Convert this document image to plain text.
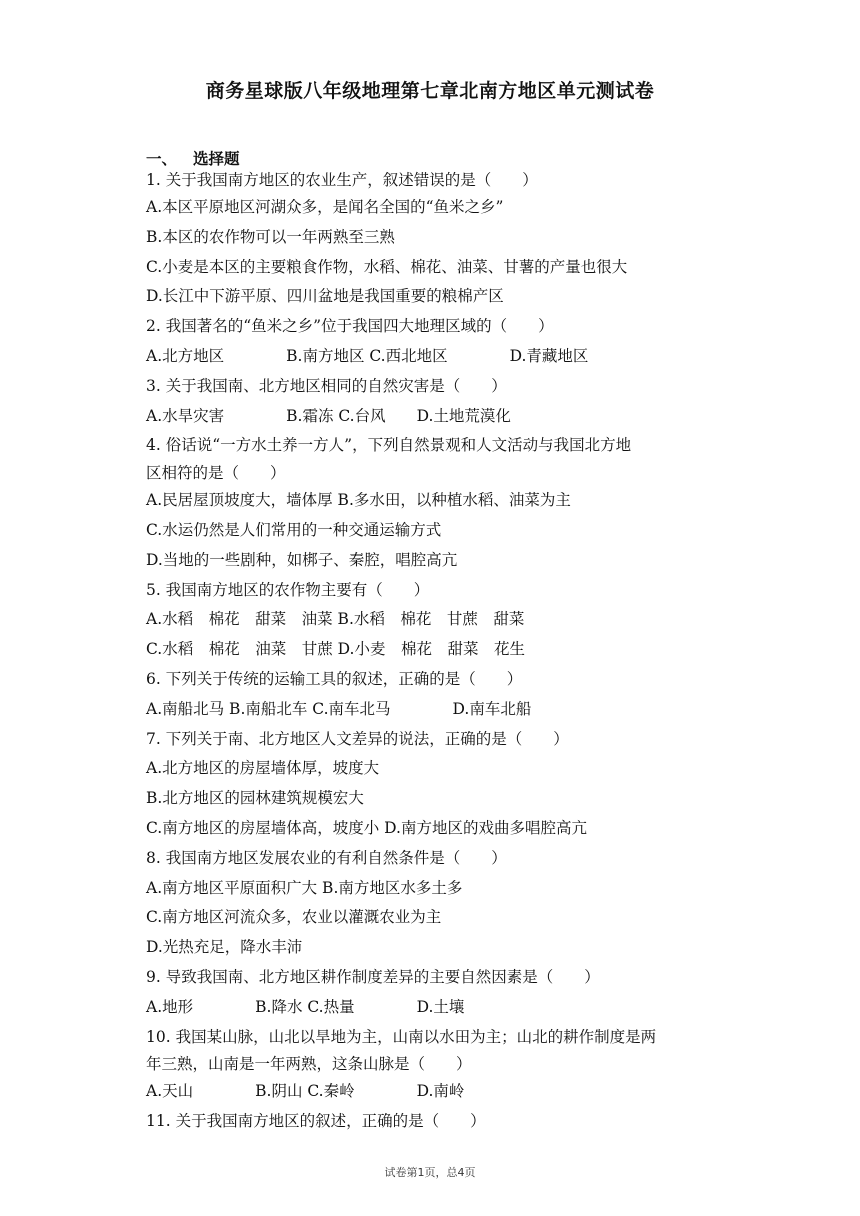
商务星球版八年级地理第七章北南方地区单元测试卷
一、 选择题
1. 关于我国南方地区的农业生产，叙述错误的是（　　）
A.本区平原地区河湖众多，是闻名全国的“鱼米之乡”
B.本区的农作物可以一年两熟至三熟
C.小麦是本区的主要粮食作物，水稻、棉花、油菜、甘薯的产量也很大
D.长江中下游平原、四川盆地是我国重要的粮棉产区
2. 我国著名的“鱼米之乡”位于我国四大地理区域的（　　）
A.北方地区　　　　B.南方地区 C.西北地区　　　　D.青藏地区
3. 关于我国南、北方地区相同的自然灾害是（　　）
A.水旱灾害　　　　B.霜冻 C.台风　　D.土地荒漠化
4. 俗话说“一方水土养一方人”，下列自然景观和人文活动与我国北方地
区相符的是（　　）
A.民居屋顶坡度大，墙体厚 B.多水田，以种植水稻、油菜为主
C.水运仍然是人们常用的一种交通运输方式
D.当地的一些剧种，如梆子、秦腔，唱腔高亢
5. 我国南方地区的农作物主要有（　　）
A.水稻　棉花　甜菜　油菜 B.水稻　棉花　甘蔗　甜菜
C.水稻　棉花　油菜　甘蔗 D.小麦　棉花　甜菜　花生
6. 下列关于传统的运输工具的叙述，正确的是（　　）
A.南船北马 B.南船北车 C.南车北马　　　　D.南车北船
7. 下列关于南、北方地区人文差异的说法，正确的是（　　）
A.北方地区的房屋墙体厚，坡度大
B.北方地区的园林建筑规模宏大
C.南方地区的房屋墙体高，坡度小 D.南方地区的戏曲多唱腔高亢
8. 我国南方地区发展农业的有利自然条件是（　　）
A.南方地区平原面积广大 B.南方地区水多土多
C.南方地区河流众多，农业以灌溉农业为主
D.光热充足，降水丰沛
9. 导致我国南、北方地区耕作制度差异的主要自然因素是（　　）
A.地形　　　　B.降水 C.热量　　　　D.土壤
10. 我国某山脉，山北以旱地为主，山南以水田为主；山北的耕作制度是两
年三熟，山南是一年两熟，这条山脉是（　　）
A.天山　　　　B.阴山 C.秦岭　　　　D.南岭
11. 关于我国南方地区的叙述，正确的是（　　）
试卷第1页，总4页
